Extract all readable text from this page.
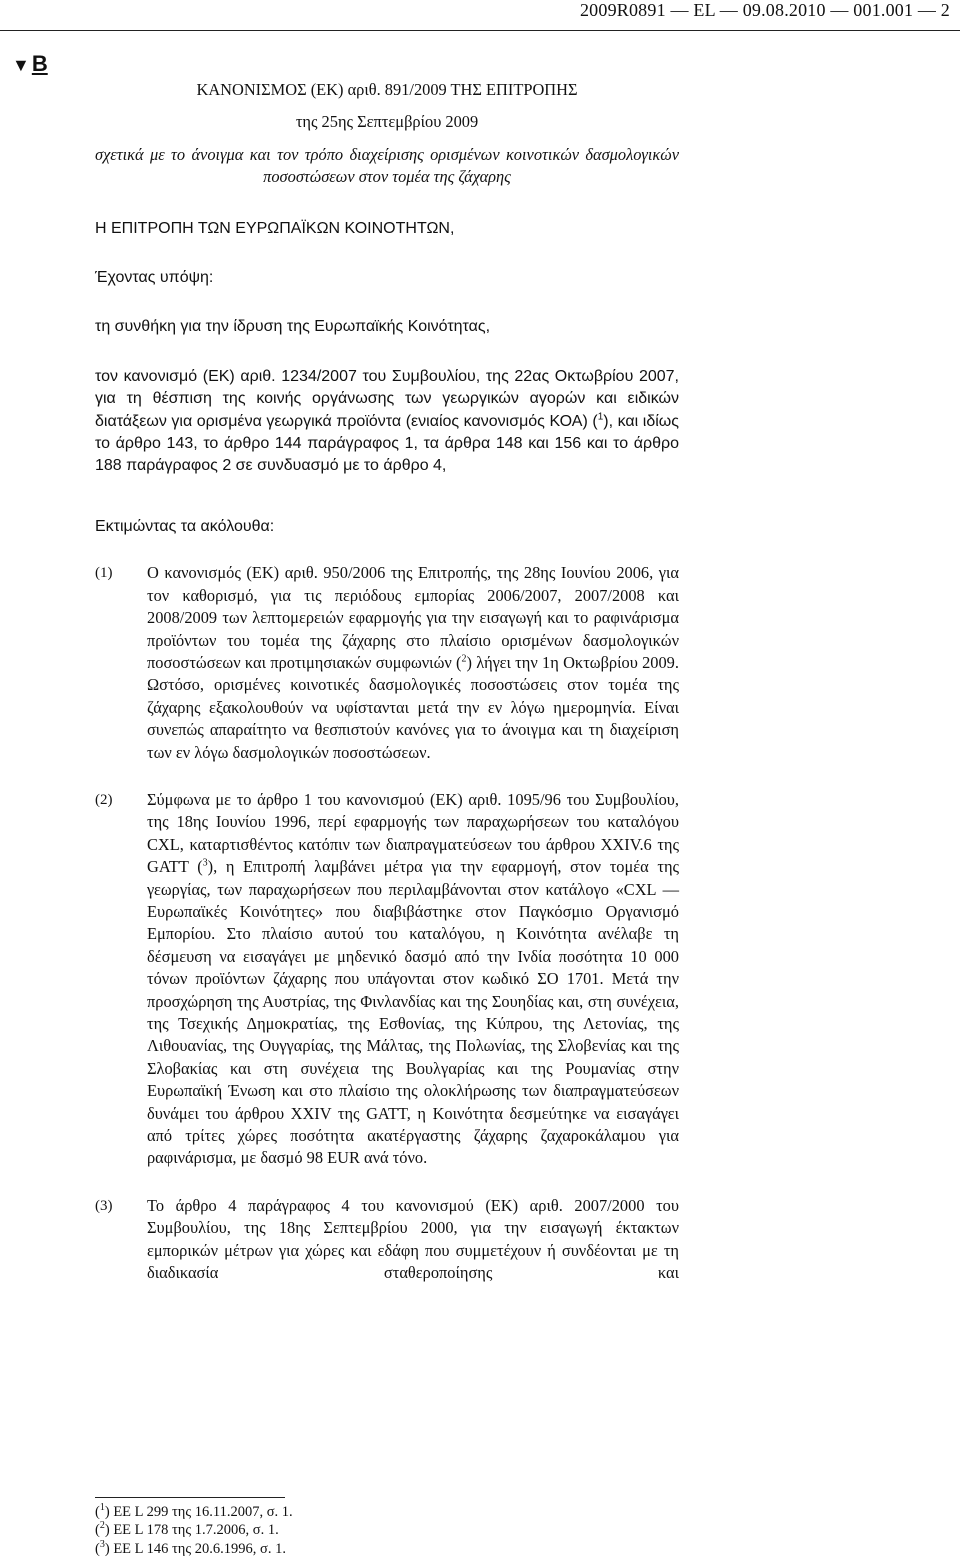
2009R0891 — EL — 09.08.2010 — 001.001 — 2
▼B

ΚΑΝΟΝΙΣΜΟΣ (ΕΚ) αριθ. 891/2009 ΤΗΣ ΕΠΙΤΡΟΠΗΣ

της 25ης Σεπτεμβρίου 2009

σχετικά με το άνοιγμα και τον τρόπο διαχείρισης ορισμένων κοινοτικών δασμολογικών ποσοστώσεων στον τομέα της ζάχαρης

Η ΕΠΙΤΡΟΠΗ ΤΩΝ ΕΥΡΩΠΑΪΚΩΝ ΚΟΙΝΟΤΗΤΩΝ,

Έχοντας υπόψη:

τη συνθήκη για την ίδρυση της Ευρωπαϊκής Κοινότητας,

τον κανονισμό (ΕΚ) αριθ. 1234/2007 του Συμβουλίου, της 22ας Οκτωβρίου 2007, για τη θέσπιση της κοινής οργάνωσης των γεωργικών αγορών και ειδικών διατάξεων για ορισμένα γεωργικά προϊόντα (ενιαίος κανονισμός ΚΟΑ) ($^1$), και ιδίως το άρθρο 143, το άρθρο 144 παράγραφος 1, τα άρθρα 148 και 156 και το άρθρο 188 παράγραφος 2 σε συνδυασμό με το άρθρο 4,

Εκτιμώντας τα ακόλουθα:

(1)	Ο κανονισμός (ΕΚ) αριθ. 950/2006 της Επιτροπής, της 28ης Ιουνίου 2006, για τον καθορισμό, για τις περιόδους εμπορίας 2006/2007, 2007/2008 και 2008/2009 των λεπτομερειών εφαρμογής για την εισαγωγή και το ραφινάρισμα προϊόντων του τομέα της ζάχαρης στο πλαίσιο ορισμένων δασμολογικών ποσοστώσεων και προτιμησιακών συμφωνιών ($^2$) λήγει την 1η Οκτωβρίου 2009. Ωστόσο, ορισμένες κοινοτικές δασμολογικές ποσοστώσεις στον τομέα της ζάχαρης εξακολουθούν να υφίστανται μετά την εν λόγω ημερομηνία. Είναι συνεπώς απαραίτητο να θεσπιστούν κανόνες για το άνοιγμα και τη διαχείριση των εν λόγω δασμολογικών ποσοστώσεων.

(2)	Σύμφωνα με το άρθρο 1 του κανονισμού (ΕΚ) αριθ. 1095/96 του Συμβουλίου, της 18ης Ιουνίου 1996, περί εφαρμογής των παραχωρήσεων του καταλόγου CXL, καταρτισθέντος κατόπιν των διαπραγματεύσεων του άρθρου XXIV.6 της GATT ($^3$), η Επιτροπή λαμβάνει μέτρα για την εφαρμογή, στον τομέα της γεωργίας, των παραχωρήσεων που περιλαμβάνονται στον κατάλογο «CXL — Ευρωπαϊκές Κοινότητες» που διαβιβάστηκε στον Παγκόσμιο Οργανισμό Εμπορίου. Στο πλαίσιο αυτού του καταλόγου, η Κοινότητα ανέλαβε τη δέσμευση να εισαγάγει με μηδενικό δασμό από την Ινδία ποσότητα 10 000 τόνων προϊόντων ζάχαρης που υπάγονται στον κωδικό ΣΟ 1701. Μετά την προσχώρηση της Αυστρίας, της Φινλανδίας και της Σουηδίας και, στη συνέχεια, της Τσεχικής Δημοκρατίας, της Εσθονίας, της Κύπρου, της Λετονίας, της Λιθουανίας, της Ουγγαρίας, της Μάλτας, της Πολωνίας, της Σλοβενίας και της Σλοβακίας και στη συνέχεια της Βουλγαρίας και της Ρουμανίας στην Ευρωπαϊκή Ένωση και στο πλαίσιο της ολοκλήρωσης των διαπραγματεύσεων δυνάμει του άρθρου XXIV της GATT, η Κοινότητα δεσμεύτηκε να εισαγάγει από τρίτες χώρες ποσότητα ακατέργαστης ζάχαρης ζαχαροκάλαμου για ραφινάρισμα, με δασμό 98 EUR ανά τόνο.

(3)	Το άρθρο 4 παράγραφος 4 του κανονισμού (ΕΚ) αριθ. 2007/2000 του Συμβουλίου, της 18ης Σεπτεμβρίου 2000, για την εισαγωγή έκτακτων εμπορικών μέτρων για χώρες και εδάφη που συμμετέχουν ή συνδέονται με τη διαδικασία σταθεροποίησης και

($^1$) ΕΕ L 299 της 16.11.2007, σ. 1.
($^2$) ΕΕ L 178 της 1.7.2006, σ. 1.
($^3$) ΕΕ L 146 της 20.6.1996, σ. 1.
